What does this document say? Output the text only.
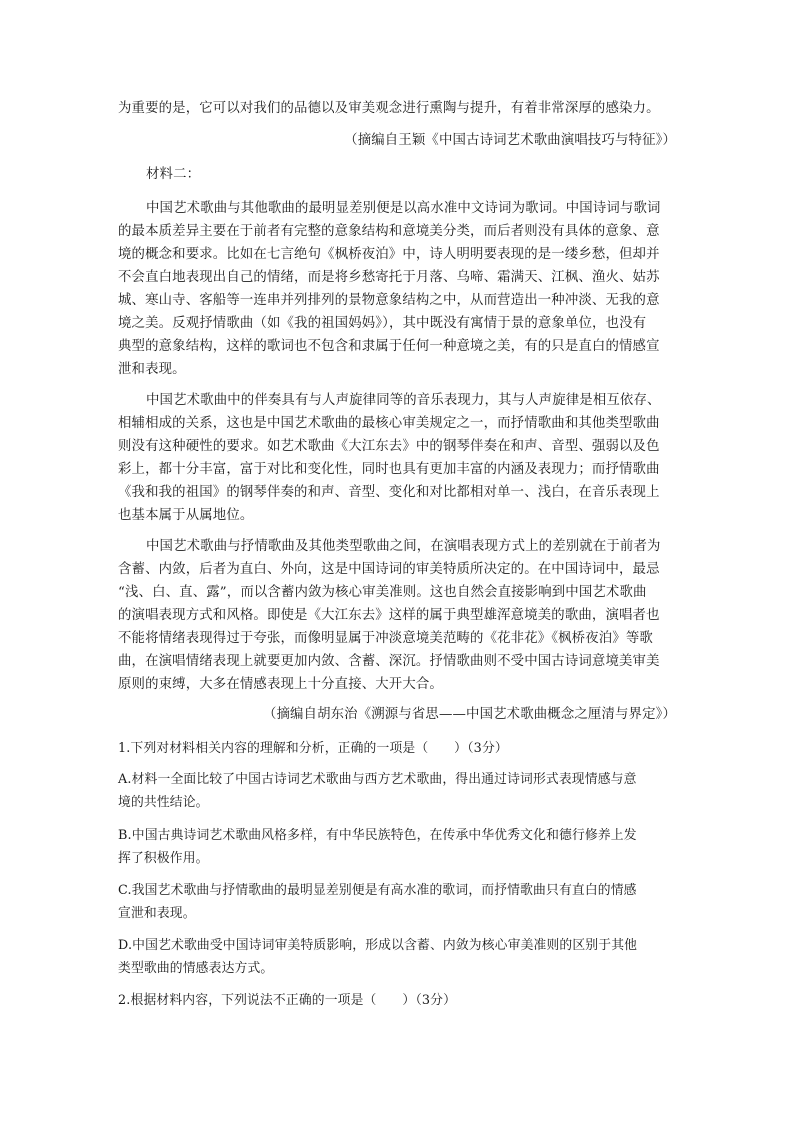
为重要的是，它可以对我们的品德以及审美观念进行熏陶与提升，有着非常深厚的感染力。
（摘编自王颖《中国古诗词艺术歌曲演唱技巧与特征》）
材料二：
中国艺术歌曲与其他歌曲的最明显差别便是以高水准中文诗词为歌词。中国诗词与歌词
的最本质差异主要在于前者有完整的意象结构和意境美分类，而后者则没有具体的意象、意
境的概念和要求。比如在七言绝句《枫桥夜泊》中，诗人明明要表现的是一缕乡愁，但却并
不会直白地表现出自己的情绪，而是将乡愁寄托于月落、乌啼、霜满天、江枫、渔火、姑苏
城、寒山寺、客船等一连串并列排列的景物意象结构之中，从而营造出一种冲淡、无我的意
境之美。反观抒情歌曲（如《我的祖国妈妈》），其中既没有寓情于景的意象单位，也没有
典型的意象结构，这样的歌词也不包含和隶属于任何一种意境之美，有的只是直白的情感宣
泄和表现。
中国艺术歌曲中的伴奏具有与人声旋律同等的音乐表现力，其与人声旋律是相互依存、
相辅相成的关系，这也是中国艺术歌曲的最核心审美规定之一，而抒情歌曲和其他类型歌曲
则没有这种硬性的要求。如艺术歌曲《大江东去》中的钢琴伴奏在和声、音型、强弱以及色
彩上，都十分丰富，富于对比和变化性，同时也具有更加丰富的内涵及表现力；而抒情歌曲
《我和我的祖国》的钢琴伴奏的和声、音型、变化和对比都相对单一、浅白，在音乐表现上
也基本属于从属地位。
中国艺术歌曲与抒情歌曲及其他类型歌曲之间，在演唱表现方式上的差别就在于前者为
含蓄、内敛，后者为直白、外向，这是中国诗词的审美特质所决定的。在中国诗词中，最忌
“浅、白、直、露”，而以含蓄内敛为核心审美准则。这也自然会直接影响到中国艺术歌曲
的演唱表现方式和风格。即使是《大江东去》这样的属于典型雄浑意境美的歌曲，演唱者也
不能将情绪表现得过于夸张，而像明显属于冲淡意境美范畴的《花非花》《枫桥夜泊》等歌
曲，在演唱情绪表现上就要更加内敛、含蓄、深沉。抒情歌曲则不受中国古诗词意境美审美
原则的束缚，大多在情感表现上十分直接、大开大合。
（摘编自胡东治《溯源与省思——中国艺术歌曲概念之厘清与界定》）
1.下列对材料相关内容的理解和分析，正确的一项是（　　）（3分）
A.材料一全面比较了中国古诗词艺术歌曲与西方艺术歌曲，得出通过诗词形式表现情感与意
境的共性结论。
B.中国古典诗词艺术歌曲风格多样，有中华民族特色，在传承中华优秀文化和德行修养上发
挥了积极作用。
C.我国艺术歌曲与抒情歌曲的最明显差别便是有高水准的歌词，而抒情歌曲只有直白的情感
宣泄和表现。
D.中国艺术歌曲受中国诗词审美特质影响，形成以含蓄、内敛为核心审美准则的区别于其他
类型歌曲的情感表达方式。
2.根据材料内容，下列说法不正确的一项是（　　）（3分）
